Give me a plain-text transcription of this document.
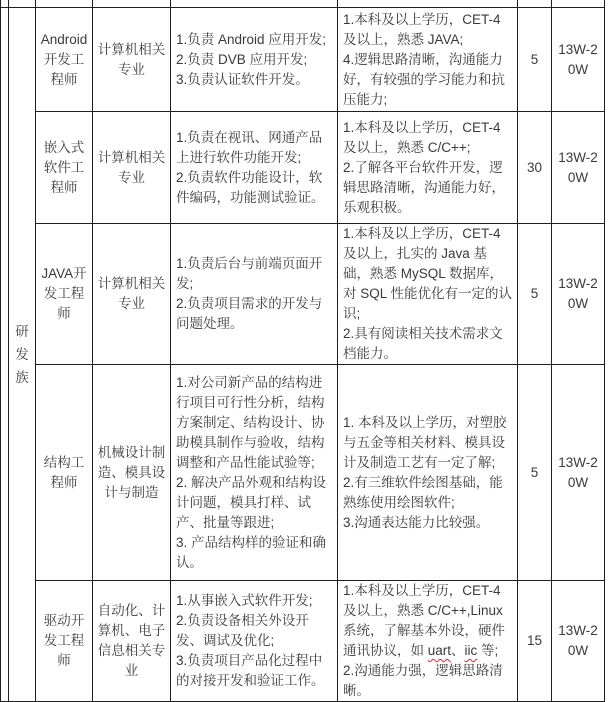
	研发族	Android 开发工程师	计算机相关专业	1.负责 Android 应用开发;
2.负责 DVB 应用开发;
3.负责认证软件开发。	1.本科及以上学历，CET-4及以上，熟悉 JAVA;
4.逻辑思路清晰，沟通能力好，有较强的学习能力和抗压能力;	5	13W-20W

		嵌入式软件工程师	计算机相关专业	1.负责在视讯、网通产品上进行软件功能开发;
2.负责软件功能设计，软件编码，功能测试验证。	1.本科及以上学历，CET-4及以上，熟悉 C/C++;
2.了解各平台软件开发，逻辑思路清晰，沟通能力好，乐观积极。	30	13W-20W

		JAVA开发工程师	计算机相关专业	1.负责后台与前端页面开发;
2.负责项目需求的开发与问题处理。	1.本科及以上学历，CET-4及以上，扎实的 Java 基础，熟悉 MySQL 数据库，对 SQL 性能优化有一定的认识;
2.具有阅读相关技术需求文档能力。	5	13W-20W

		结构工程师	机械设计制造、模具设计与制造	1.对公司新产品的结构进行项目可行性分析，结构方案制定、结构设计、协助模具制作与验收，结构调整和产品性能试验等;
2. 解决产品外观和结构设计问题，模具打样、试产、批量等跟进;
3. 产品结构样的验证和确认。	1. 本科及以上学历，对塑胶与五金等相关材料、模具设计及制造工艺有一定了解;
2.有三维软件绘图基础，能熟练使用绘图软件;
3.沟通表达能力比较强。	5	13W-20W

		驱动开发工程师	自动化、计算机、电子信息相关专业	1.从事嵌入式软件开发;
2.负责设备相关外设开发、调试及优化;
3.负责项目产品化过程中的对接开发和验证工作。	1.本科及以上学历，CET-4及以上，熟悉 C/C++,Linux 系统，了解基本外设，硬件通讯协议，如 uart、iic 等;
2.沟通能力强，逻辑思路清晰。	15	13W-20W
